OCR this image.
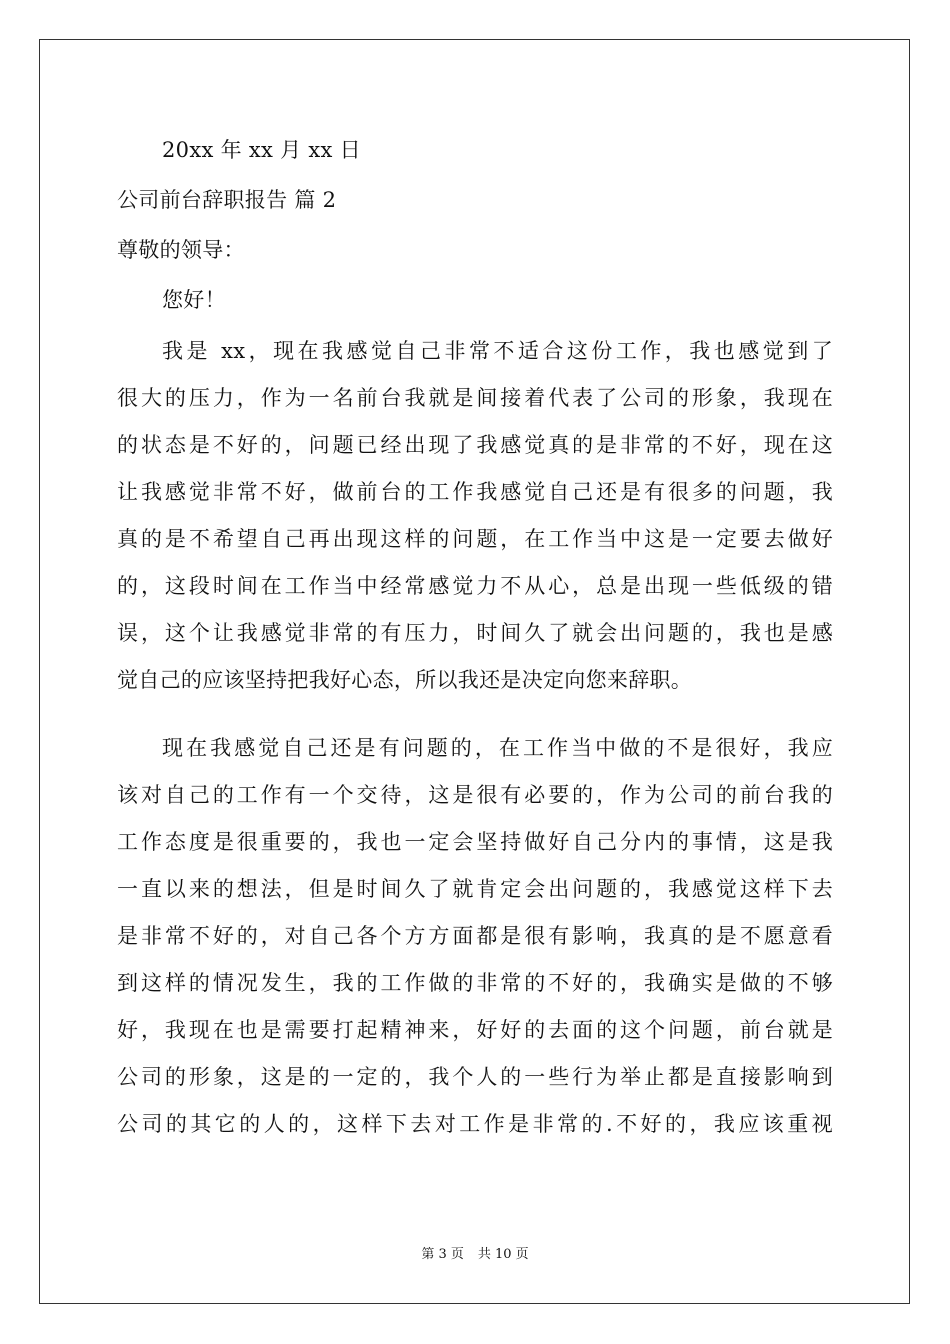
20xx 年 xx 月 xx 日

公司前台辞职报告 篇 2

尊敬的领导：

您好！

我是 xx，现在我感觉自己非常不适合这份工作，我也感觉到了

很大的压力，作为一名前台我就是间接着代表了公司的形象，我现在

的状态是不好的，问题已经出现了我感觉真的是非常的不好，现在这

让我感觉非常不好，做前台的工作我感觉自己还是有很多的问题，我

真的是不希望自己再出现这样的问题，在工作当中这是一定要去做好

的，这段时间在工作当中经常感觉力不从心，总是出现一些低级的错

误，这个让我感觉非常的有压力，时间久了就会出问题的，我也是感

觉自己的应该坚持把我好心态，所以我还是决定向您来辞职。

现在我感觉自己还是有问题的，在工作当中做的不是很好，我应

该对自己的工作有一个交待，这是很有必要的，作为公司的前台我的

工作态度是很重要的，我也一定会坚持做好自己分内的事情，这是我

一直以来的想法，但是时间久了就肯定会出问题的，我感觉这样下去

是非常不好的，对自己各个方方面都是很有影响，我真的是不愿意看

到这样的情况发生，我的工作做的非常的不好的，我确实是做的不够

好，我现在也是需要打起精神来，好好的去面的这个问题，前台就是

公司的形象，这是的一定的，我个人的一些行为举止都是直接影响到

公司的其它的人的，这样下去对工作是非常的.不好的，我应该重视

第 3 页 共 10 页
